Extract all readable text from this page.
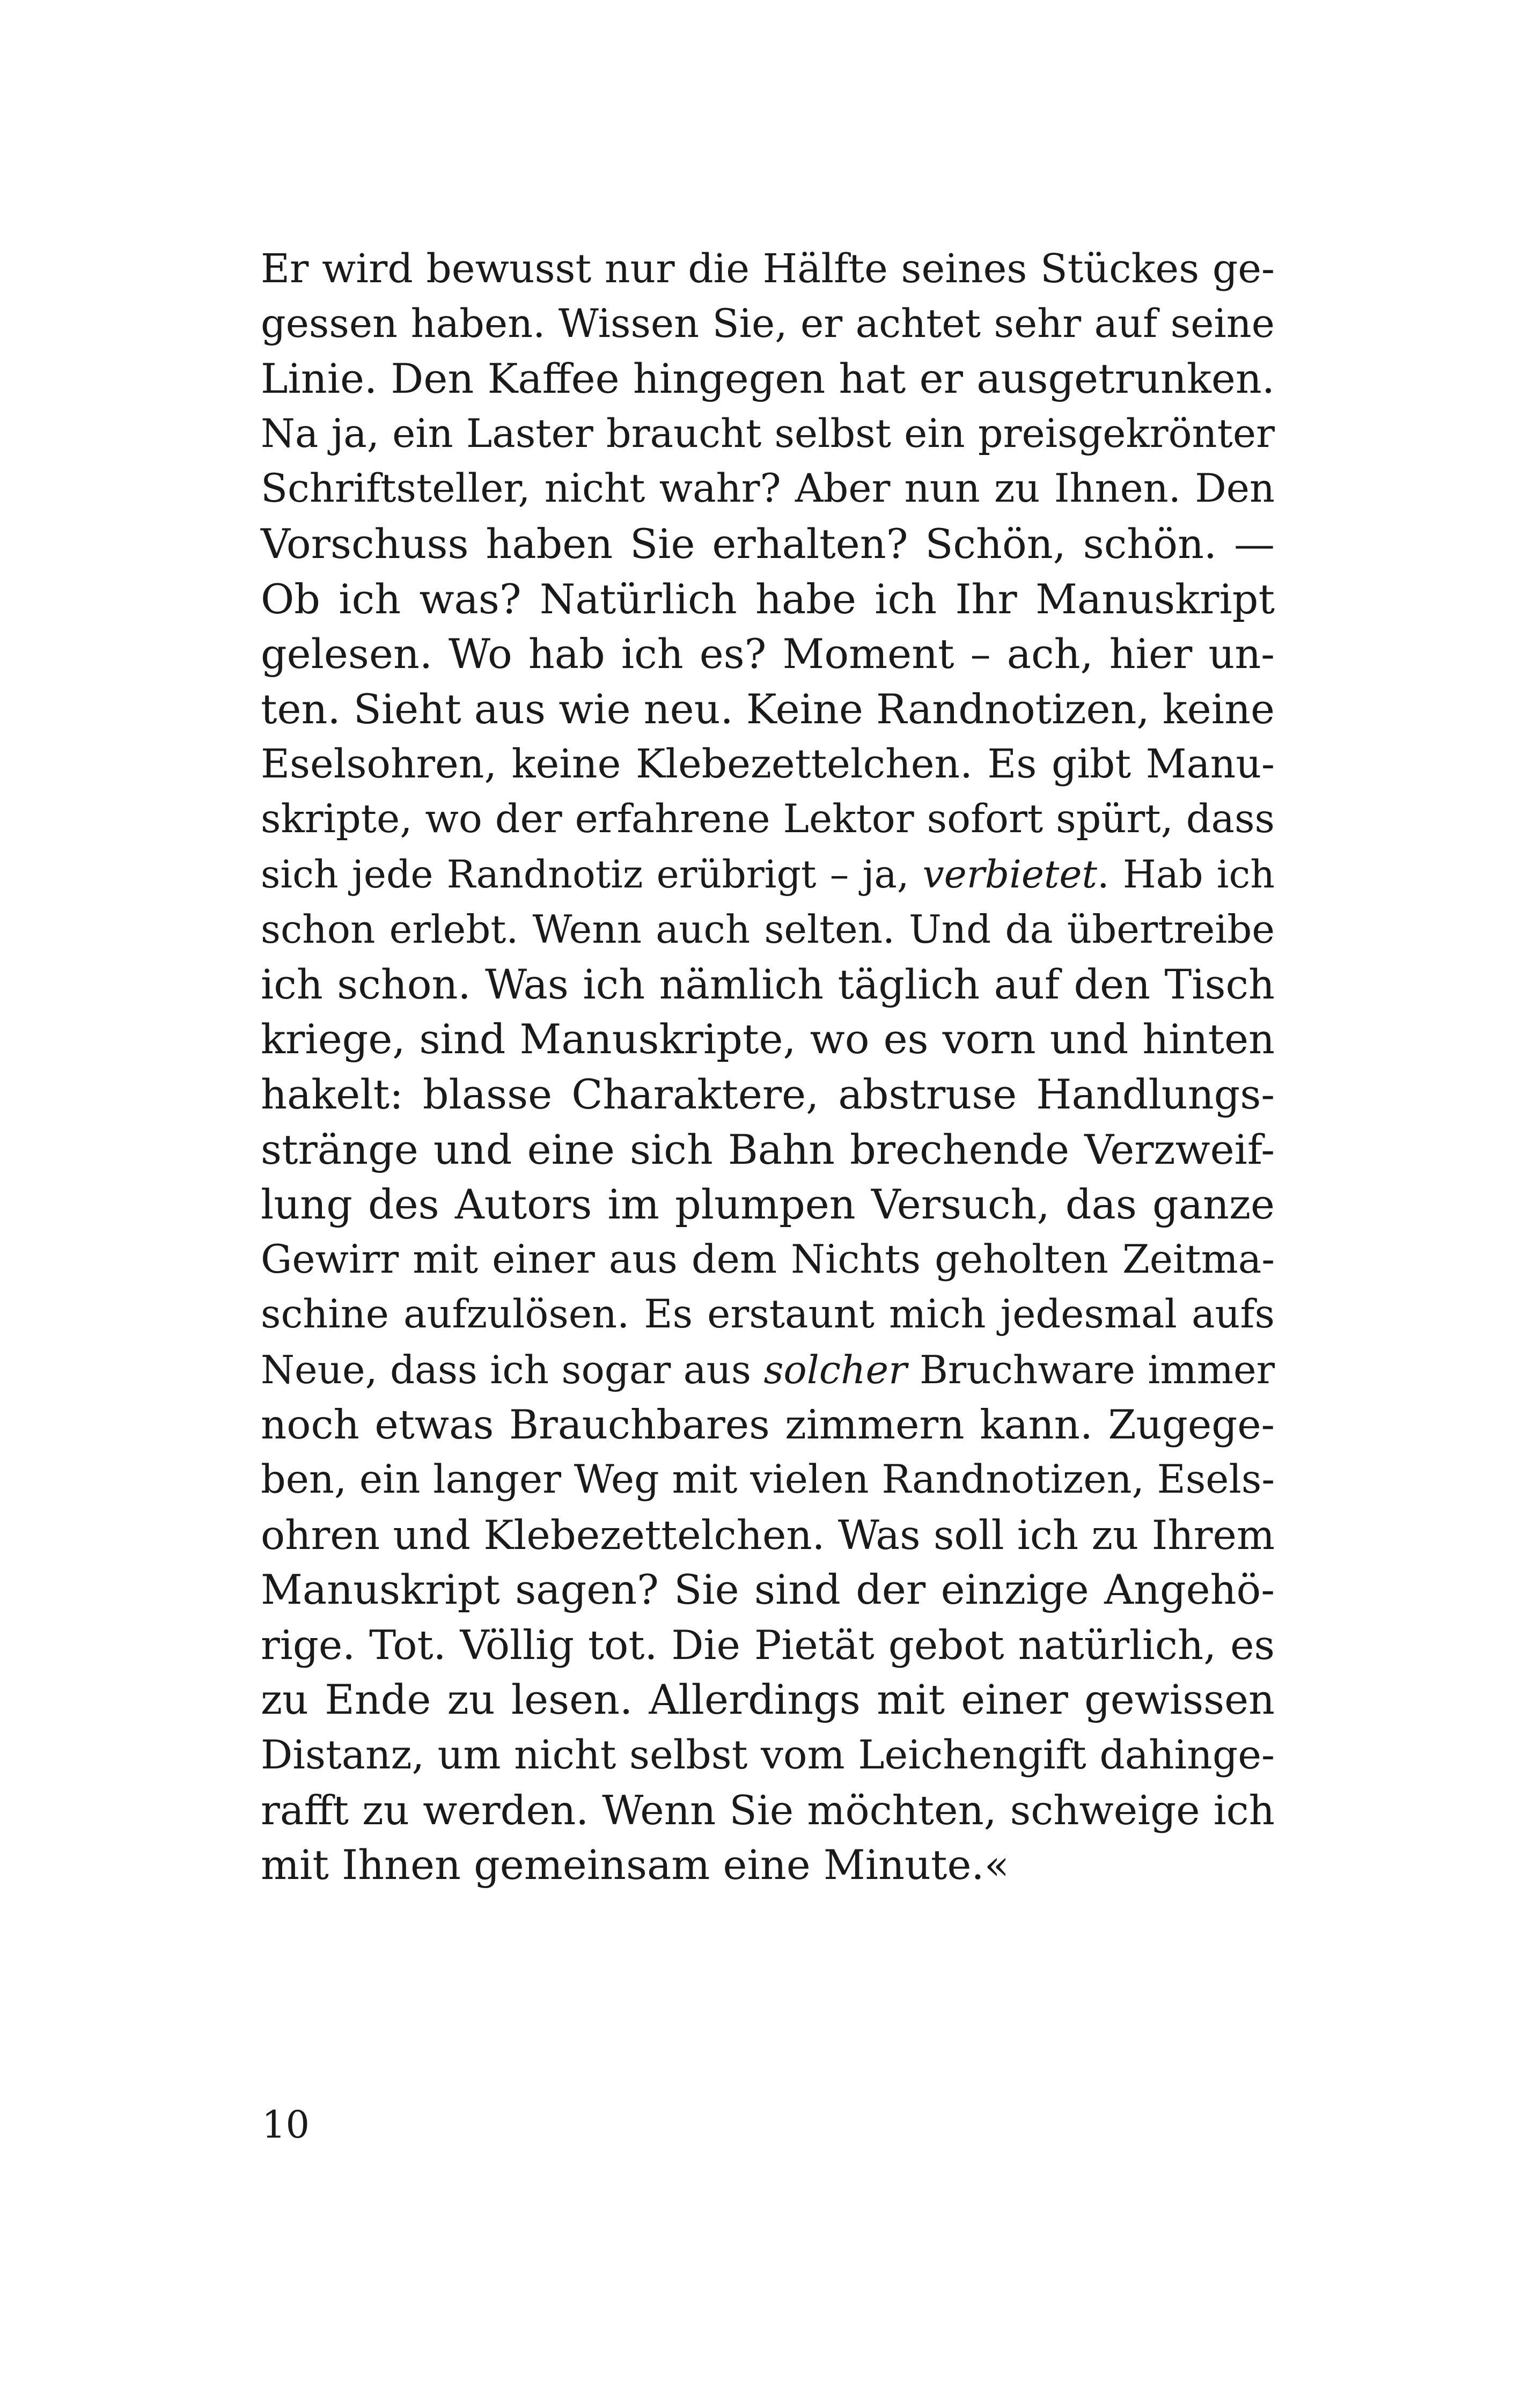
Er wird bewusst nur die Hälfte seines Stückes ge-
gessen haben. Wissen Sie, er achtet sehr auf seine
Linie. Den Kaffee hingegen hat er ausgetrunken.
Na ja, ein Laster braucht selbst ein preisgekrönter
Schriftsteller, nicht wahr? Aber nun zu Ihnen. Den
Vorschuss haben Sie erhalten? Schön, schön. —
Ob ich was? Natürlich habe ich Ihr Manuskript
gelesen. Wo hab ich es? Moment – ach, hier un-
ten. Sieht aus wie neu. Keine Randnotizen, keine
Eselsohren, keine Klebezettelchen. Es gibt Manu-
skripte, wo der erfahrene Lektor sofort spürt, dass
sich jede Randnotiz erübrigt – ja, verbietet. Hab ich
schon erlebt. Wenn auch selten. Und da übertreibe
ich schon. Was ich nämlich täglich auf den Tisch
kriege, sind Manuskripte, wo es vorn und hinten
hakelt: blasse Charaktere, abstruse Handlungs-
stränge und eine sich Bahn brechende Verzweif-
lung des Autors im plumpen Versuch, das ganze
Gewirr mit einer aus dem Nichts geholten Zeitma-
schine aufzulösen. Es erstaunt mich jedesmal aufs
Neue, dass ich sogar aus solcher Bruchware immer
noch etwas Brauchbares zimmern kann. Zugege-
ben, ein langer Weg mit vielen Randnotizen, Esels-
ohren und Klebezettelchen. Was soll ich zu Ihrem
Manuskript sagen? Sie sind der einzige Angehö-
rige. Tot. Völlig tot. Die Pietät gebot natürlich, es
zu Ende zu lesen. Allerdings mit einer gewissen
Distanz, um nicht selbst vom Leichengift dahinge-
rafft zu werden. Wenn Sie möchten, schweige ich
mit Ihnen gemeinsam eine Minute.«
10
